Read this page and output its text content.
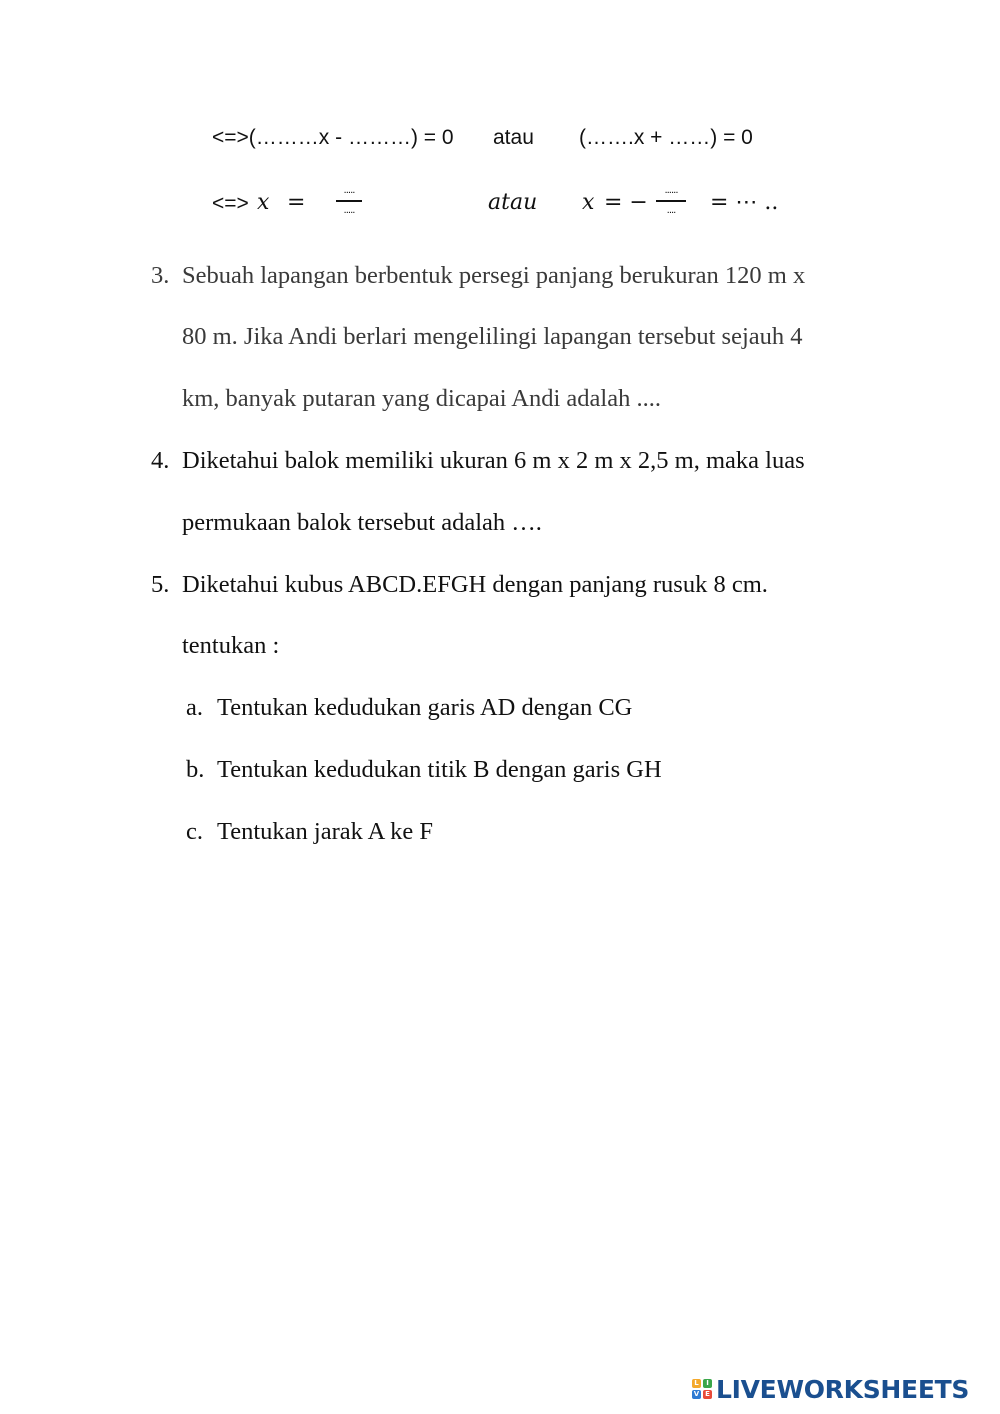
<=>(………x - ………) = 0 atau (…….x + ……) = 0
<=> x =	.....
.....	atau x = −	......
....	= ⋯ ..
3. Sebuah lapangan berbentuk persegi panjang berukuran 120 m x
80 m. Jika Andi berlari mengelilingi lapangan tersebut sejauh 4
km, banyak putaran yang dicapai Andi adalah ....
4. Diketahui balok memiliki ukuran 6 m x 2 m x 2,5 m, maka luas
permukaan balok tersebut adalah ….
5. Diketahui kubus ABCD.EFGH dengan panjang rusuk 8 cm.
tentukan :
a. Tentukan kedudukan garis AD dengan CG
b. Tentukan kedudukan titik B dengan garis GH
c. Tentukan jarak A ke F
L	I
V E LIVEWORKSHEETS
